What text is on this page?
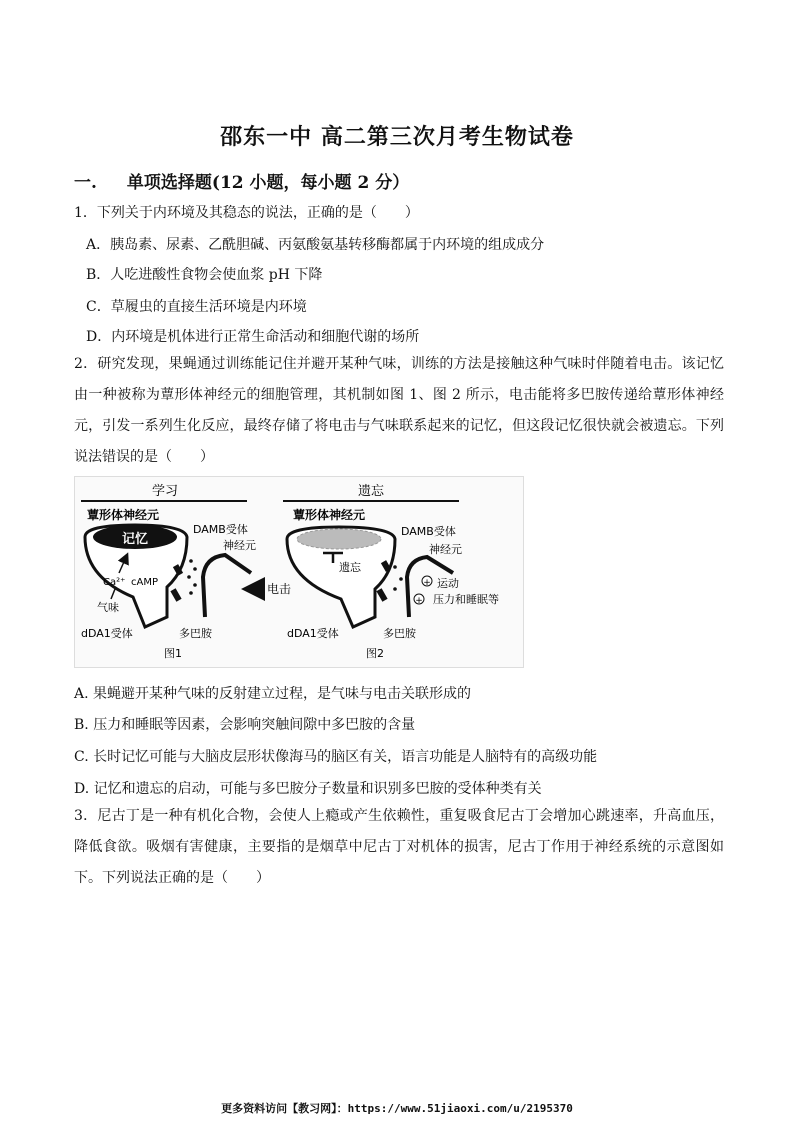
邵东一中 高二第三次月考生物试卷
一. 单项选择题(12 小题，每小题 2 分）
1．下列关于内环境及其稳态的说法，正确的是（　　）
A．胰岛素、尿素、乙酰胆碱、丙氨酸氨基转移酶都属于内环境的组成成分
B．人吃进酸性食物会使血浆 pH 下降
C．草履虫的直接生活环境是内环境
D．内环境是机体进行正常生命活动和细胞代谢的场所
2．研究发现，果蝇通过训练能记住并避开某种气味，训练的方法是接触这种气味时伴随着电击。该记忆由一种被称为蕈形体神经元的细胞管理，其机制如图 1、图 2 所示，电击能将多巴胺传递给蕈形体神经元，引发一系列生化反应，最终存储了将电击与气味联系起来的记忆，但这段记忆很快就会被遗忘。下列说法错误的是（　　）
学习
蕈形体神经元
记忆
Ca²⁺ cAMP
气味
DAMB受体
神经元
电击
dDA1受体	多巴胺
图1
遗忘
蕈形体神经元
遗忘
DAMB受体
神经元
+
+
运动
压力和睡眠等
dDA1受体	多巴胺
图2
A. 果蝇避开某种气味的反射建立过程，是气味与电击关联形成的
B. 压力和睡眠等因素，会影响突触间隙中多巴胺的含量
C. 长时记忆可能与大脑皮层形状像海马的脑区有关，语言功能是人脑特有的高级功能
D. 记忆和遗忘的启动，可能与多巴胺分子数量和识别多巴胺的受体种类有关
3．尼古丁是一种有机化合物，会使人上瘾或产生依赖性，重复吸食尼古丁会增加心跳速率，升高血压，降低食欲。吸烟有害健康，主要指的是烟草中尼古丁对机体的损害，尼古丁作用于神经系统的示意图如下。下列说法正确的是（　　）
更多资料访问【教习网】：https://www.51jiaoxi.com/u/2195370
